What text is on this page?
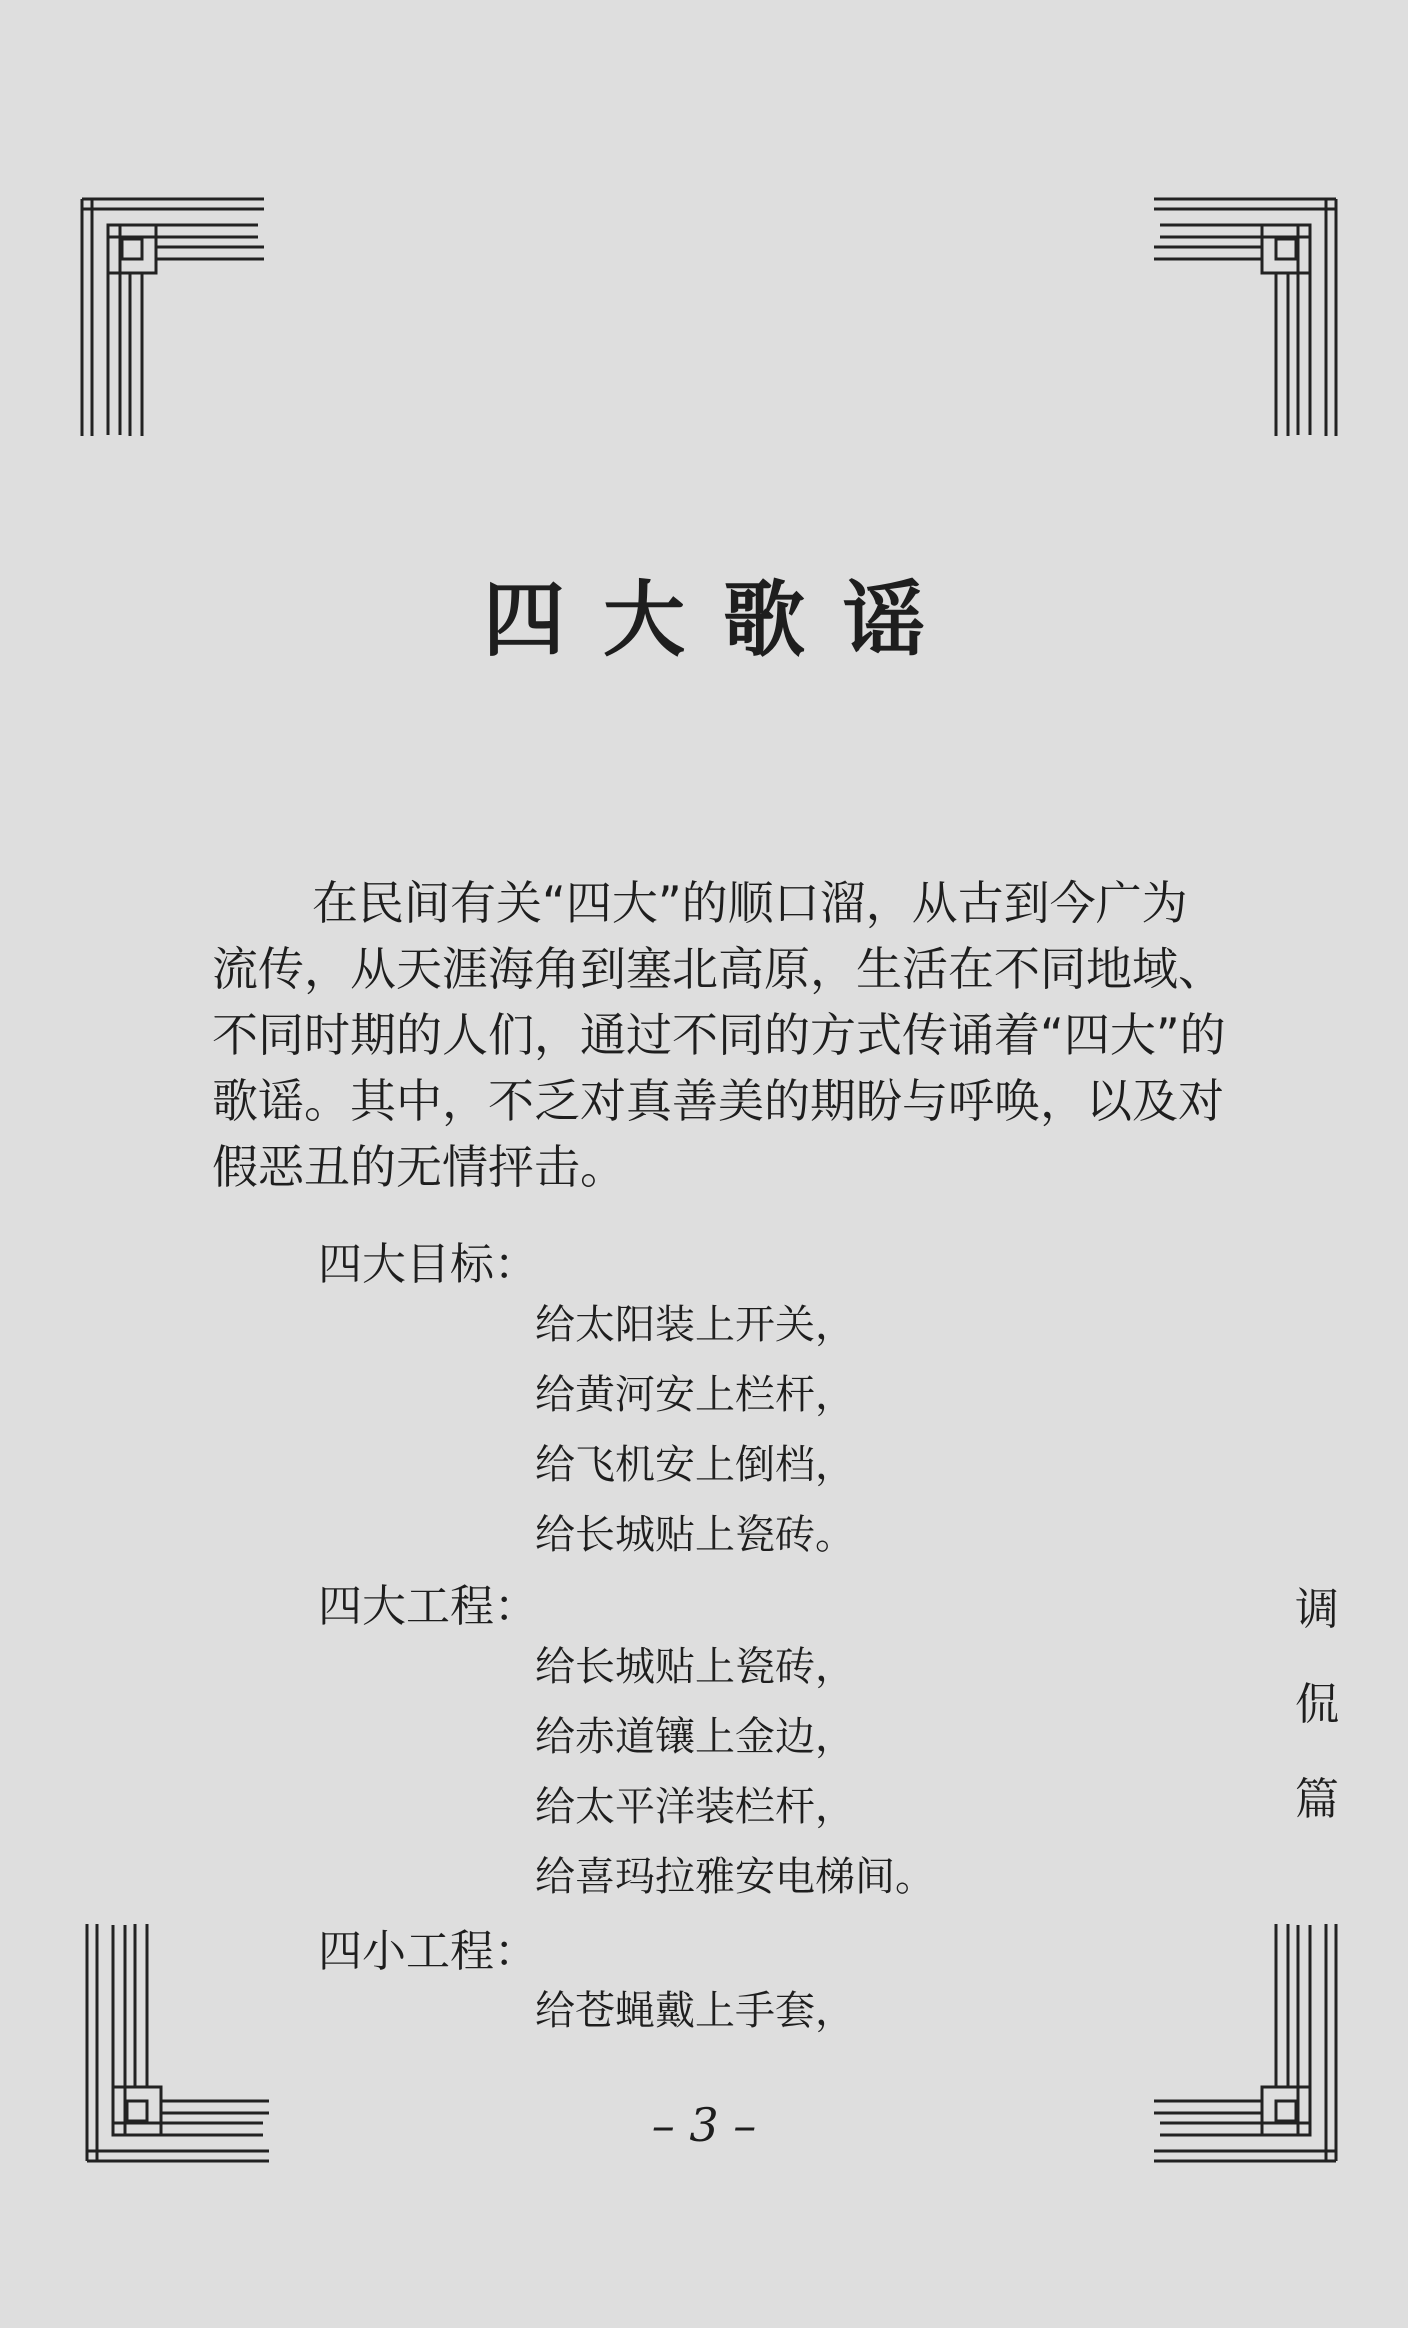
四大歌谣
在民间有关“四大”的顺口溜，从古到今广为流传，从天涯海角到塞北高原，生活在不同地域、不同时期的人们，通过不同的方式传诵着“四大”的歌谣。其中，不乏对真善美的期盼与呼唤，以及对假恶丑的无情抨击。
四大目标：
给太阳装上开关，
给黄河安上栏杆，
给飞机安上倒档，
给长城贴上瓷砖。
四大工程：
给长城贴上瓷砖，
给赤道镶上金边，
给太平洋装栏杆，
给喜玛拉雅安电梯间。
四小工程：
给苍蝇戴上手套，
调
侃
篇
– 3 –
